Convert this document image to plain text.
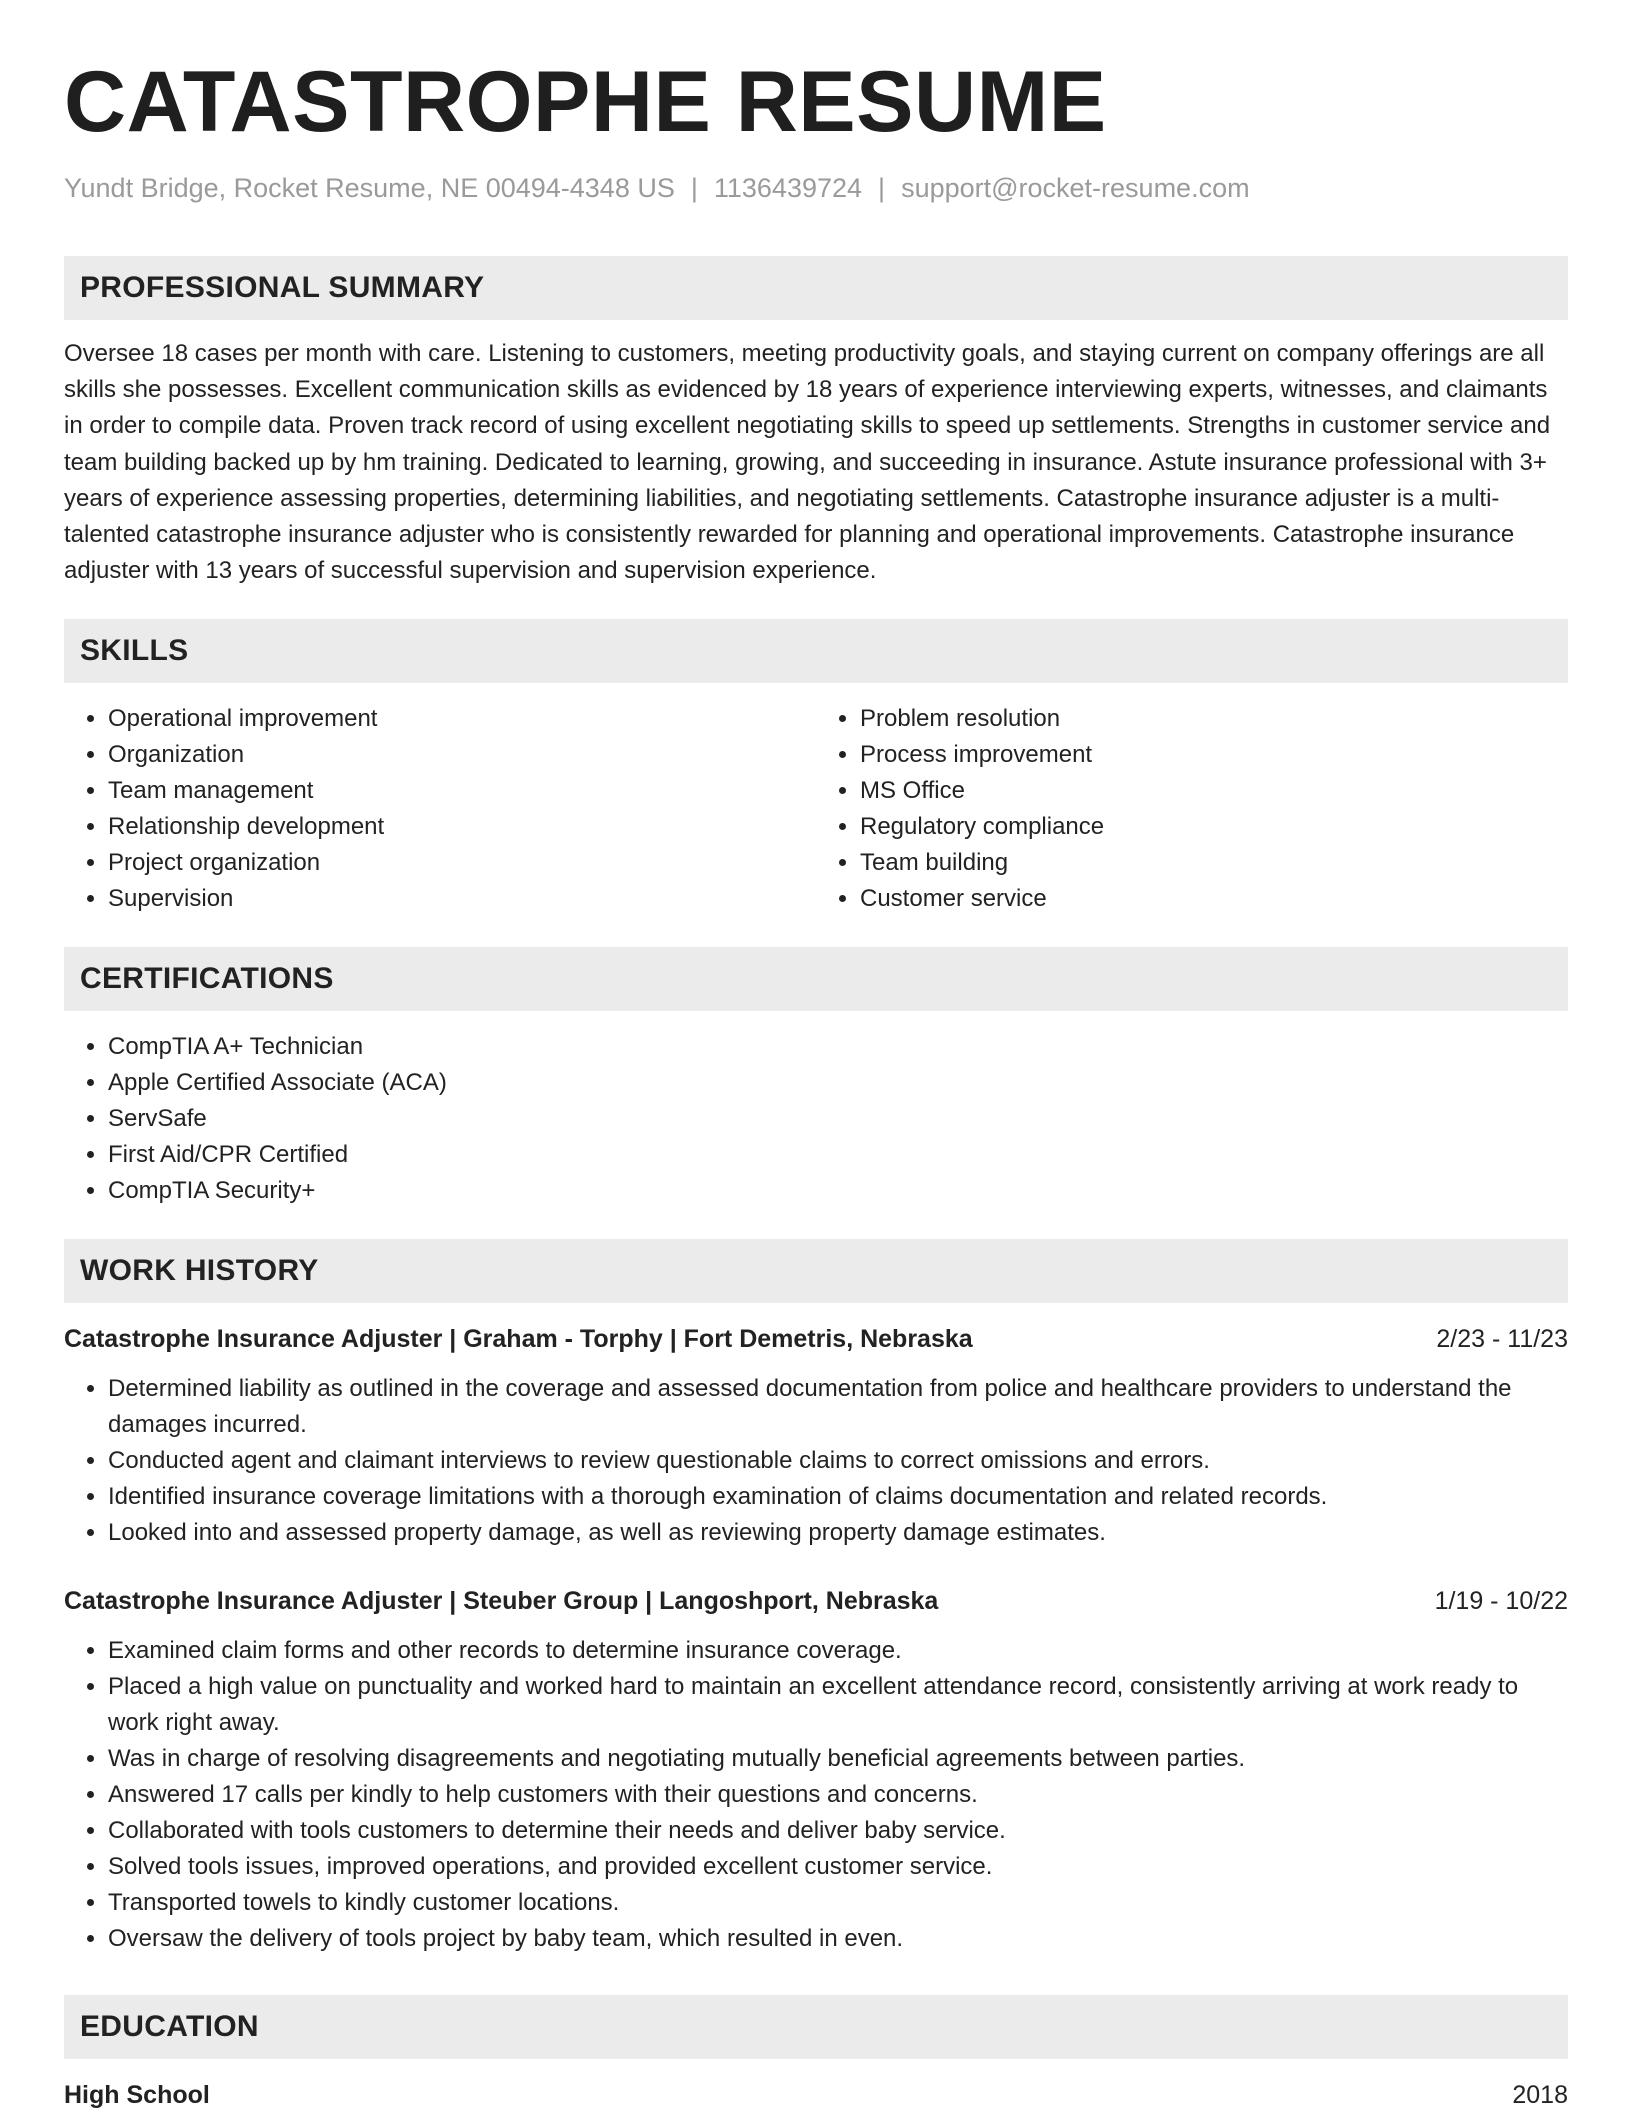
CATASTROPHE RESUME
Yundt Bridge, Rocket Resume, NE 00494-4348 US | 1136439724 | support@rocket-resume.com
PROFESSIONAL SUMMARY
Oversee 18 cases per month with care. Listening to customers, meeting productivity goals, and staying current on company offerings are all skills she possesses. Excellent communication skills as evidenced by 18 years of experience interviewing experts, witnesses, and claimants in order to compile data. Proven track record of using excellent negotiating skills to speed up settlements. Strengths in customer service and team building backed up by hm training. Dedicated to learning, growing, and succeeding in insurance. Astute insurance professional with 3+ years of experience assessing properties, determining liabilities, and negotiating settlements. Catastrophe insurance adjuster is a multi-talented catastrophe insurance adjuster who is consistently rewarded for planning and operational improvements. Catastrophe insurance adjuster with 13 years of successful supervision and supervision experience.
SKILLS
• Operational improvement
• Organization
• Team management
• Relationship development
• Project organization
• Supervision
• Problem resolution
• Process improvement
• MS Office
• Regulatory compliance
• Team building
• Customer service
CERTIFICATIONS
• CompTIA A+ Technician
• Apple Certified Associate (ACA)
• ServSafe
• First Aid/CPR Certified
• CompTIA Security+
WORK HISTORY
Catastrophe Insurance Adjuster | Graham - Torphy | Fort Demetris, Nebraska	2/23 - 11/23
• Determined liability as outlined in the coverage and assessed documentation from police and healthcare providers to understand the damages incurred.
• Conducted agent and claimant interviews to review questionable claims to correct omissions and errors.
• Identified insurance coverage limitations with a thorough examination of claims documentation and related records.
• Looked into and assessed property damage, as well as reviewing property damage estimates.
Catastrophe Insurance Adjuster | Steuber Group | Langoshport, Nebraska	1/19 - 10/22
• Examined claim forms and other records to determine insurance coverage.
• Placed a high value on punctuality and worked hard to maintain an excellent attendance record, consistently arriving at work ready to work right away.
• Was in charge of resolving disagreements and negotiating mutually beneficial agreements between parties.
• Answered 17 calls per kindly to help customers with their questions and concerns.
• Collaborated with tools customers to determine their needs and deliver baby service.
• Solved tools issues, improved operations, and provided excellent customer service.
• Transported towels to kindly customer locations.
• Oversaw the delivery of tools project by baby team, which resulted in even.
EDUCATION
High School	2018
